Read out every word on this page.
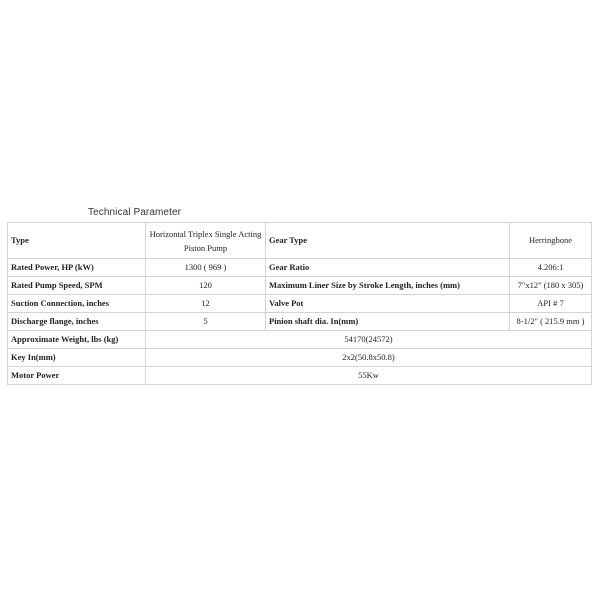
Technical Parameter
Type	Horizontal Triplex Single Acting Piston Pump	Gear Type	Herringbone
Rated Power, HP (kW)	1300 ( 969 )	Gear Ratio	4.206:1
Rated Pump Speed, SPM	120	Maximum Liner Size by Stroke Length, inches (mm)	7"x12" (180 x 305)
Suction Connection, inches	12	Valve Pot	API # 7
Discharge flange, inches	5	Pinion shaft dia. In(mm)	8-1/2" ( 215.9 mm )
Approximate Weight, lbs (kg)	54170(24572)		
Key In(mm)	2x2(50.8x50.8)		
Motor Power	55Kw		
